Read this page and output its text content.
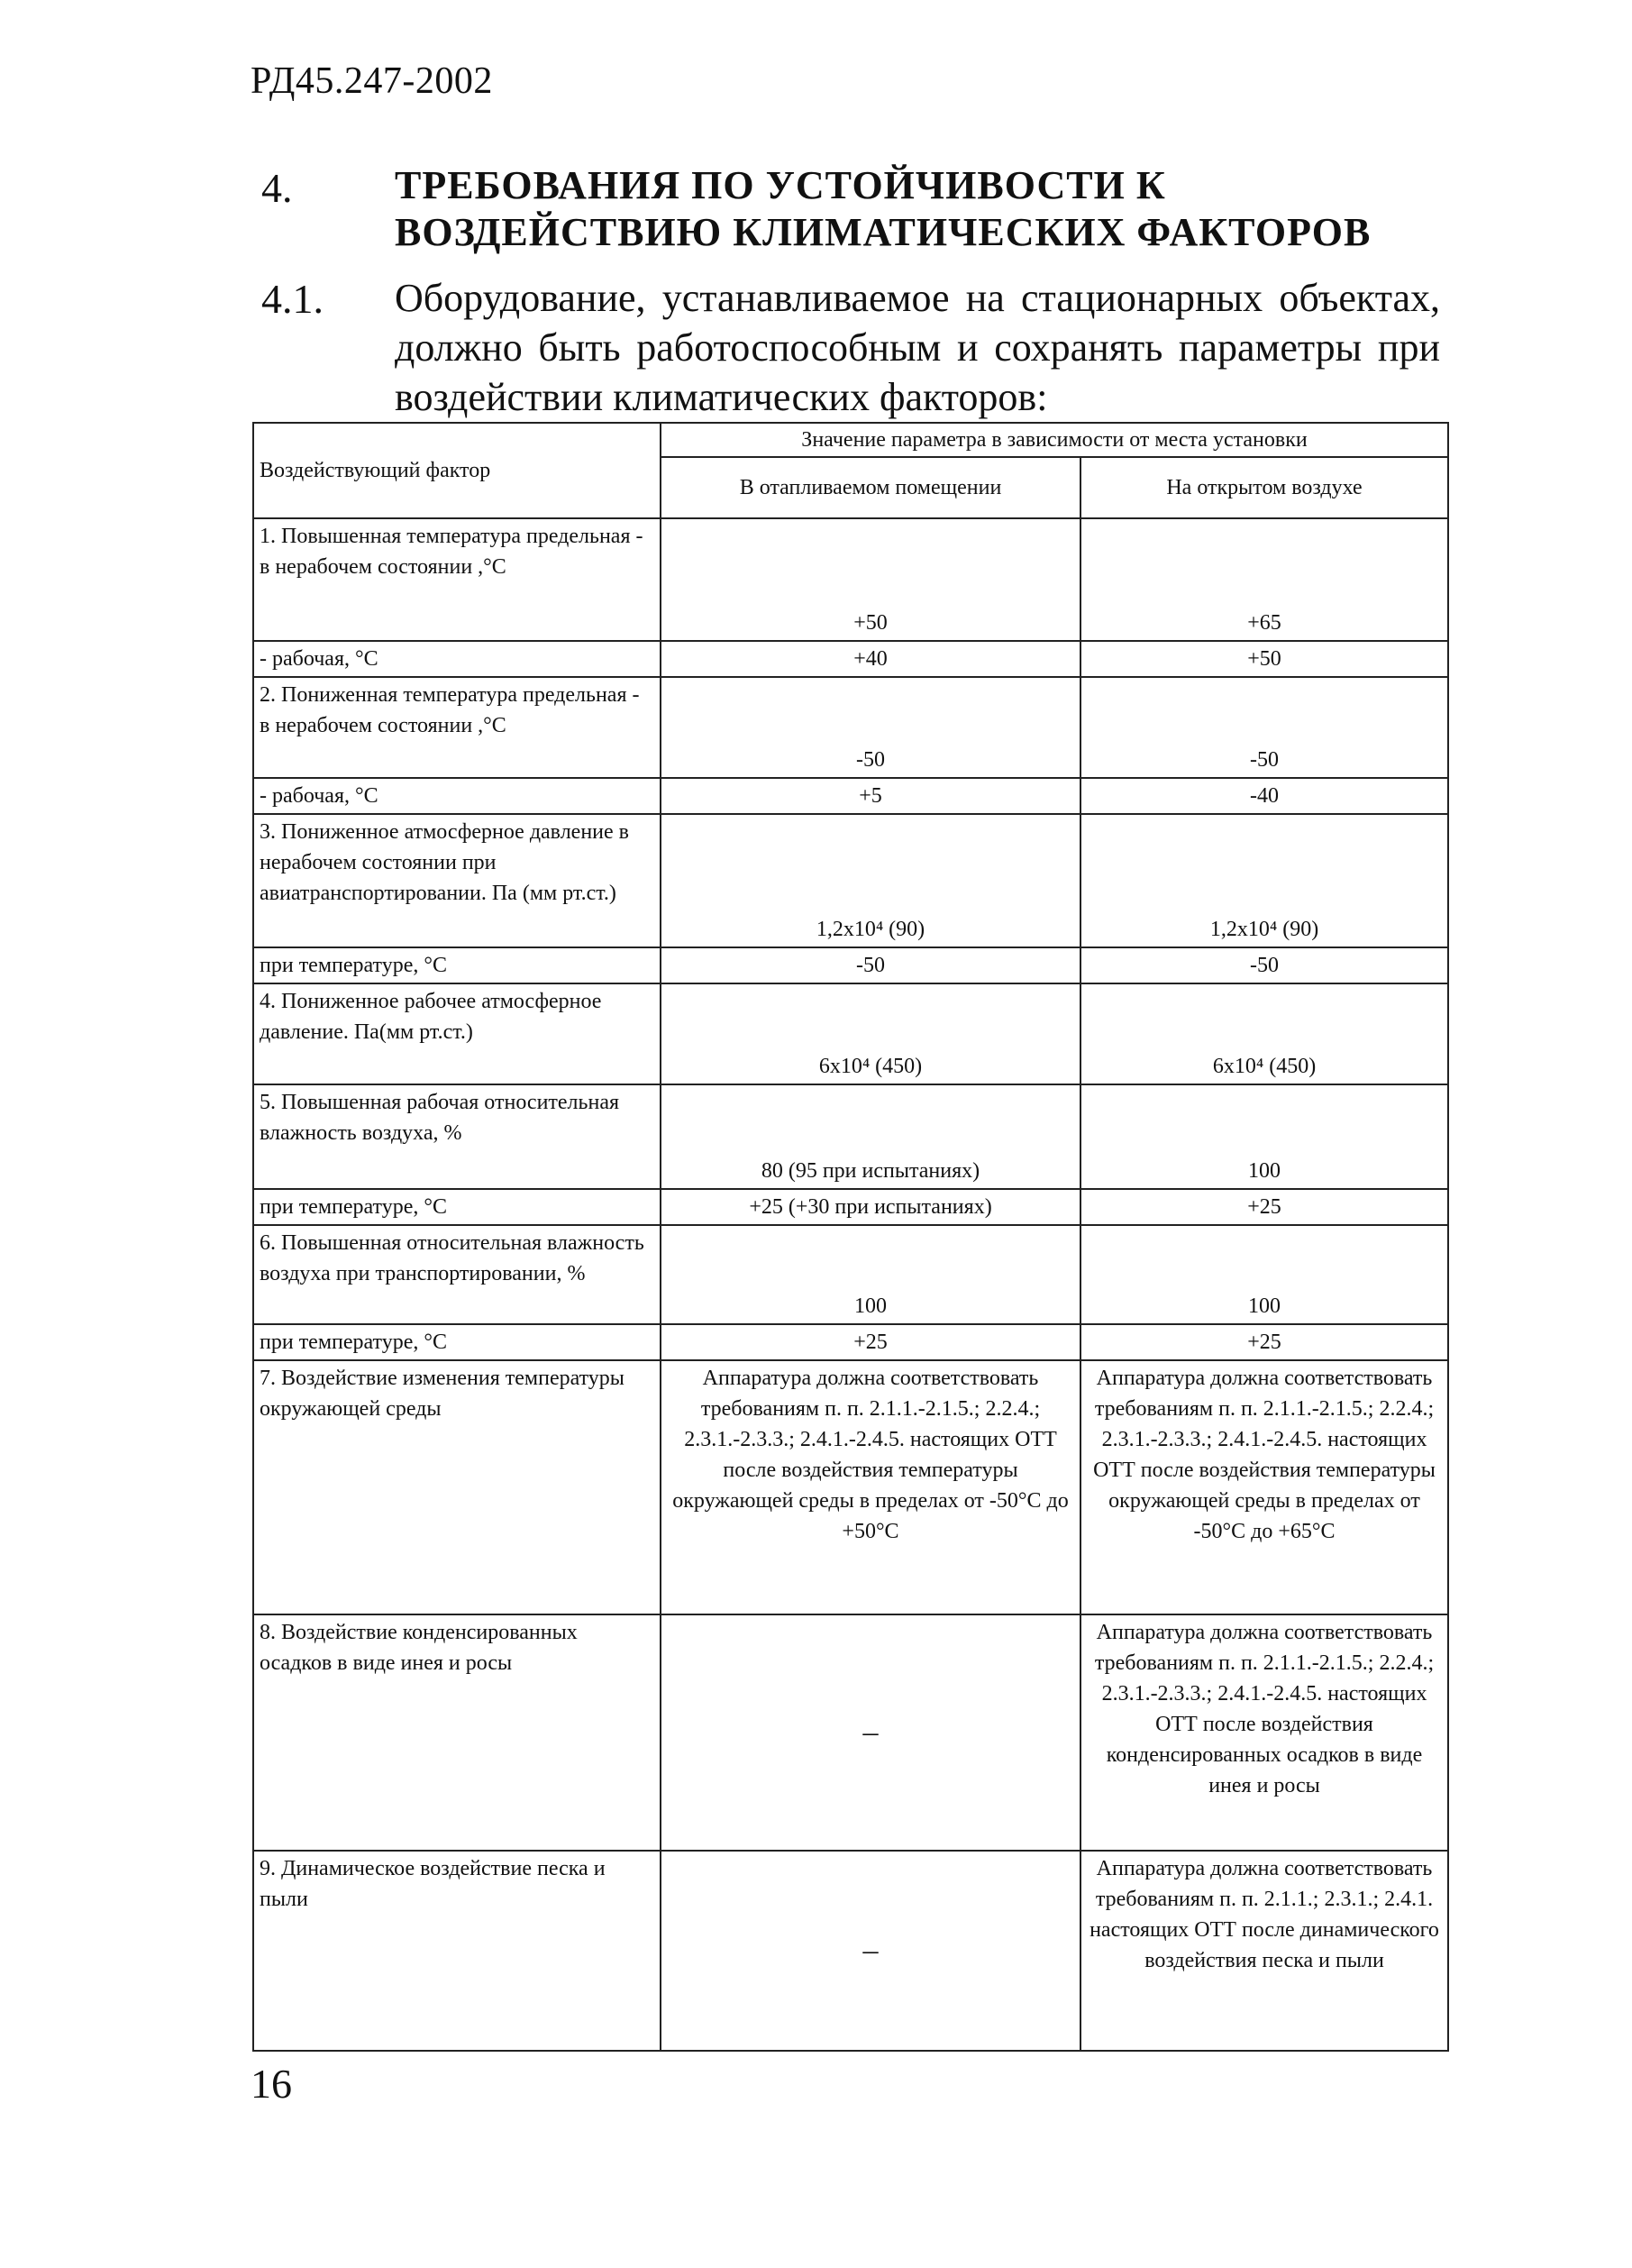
РД45.247-2002
4.	ТРЕБОВАНИЯ ПО УСТОЙЧИВОСТИ К ВОЗДЕЙСТВИЮ КЛИМАТИЧЕСКИХ ФАКТОРОВ
4.1. Оборудование, устанавливаемое на стационарных объектах, должно быть работоспособным и сохранять параметры при воздействии климатических факторов:
Воздействующий фактор	Значение параметра в зависимости от места установки	
	В отапливаемом помещении	На открытом воздухе
1. Повышенная температура предельная - в нерабочем состоянии ,°С	+50	+65
- рабочая, °С	+40	+50
2. Пониженная температура предельная - в нерабочем состоянии ,°С	-50	-50
- рабочая, °С	+5	-40
3. Пониженное атмосферное давление в нерабочем состоянии при авиатранспортировании. Па (мм рт.ст.)	1,2x10⁴ (90)	1,2x10⁴ (90)
при температуре, °С	-50	-50
4. Пониженное рабочее атмосферное давление. Па(мм рт.ст.)	6x10⁴ (450)	6x10⁴ (450)
5. Повышенная рабочая относительная влажность воздуха, %	80 (95 при испытаниях)	100
при температуре, °С	+25 (+30 при испытаниях)	+25
6. Повышенная относительная влажность воздуха при транспортировании, %	100	100
при температуре, °С	+25	+25
7. Воздействие изменения температуры окружающей среды	Аппаратура должна соответствовать требованиям п. п. 2.1.1.-2.1.5.; 2.2.4.; 2.3.1.-2.3.3.; 2.4.1.-2.4.5. настоящих ОТТ после воздействия температуры окружающей среды в пределах от -50°С до +50°С	Аппаратура должна соответствовать требованиям п. п. 2.1.1.-2.1.5.; 2.2.4.; 2.3.1.-2.3.3.; 2.4.1.-2.4.5. настоящих ОТТ после воздействия температуры окружающей среды в пределах от -50°С до +65°С
8. Воздействие конденсированных осадков в виде инея и росы	–	Аппаратура должна соответствовать требованиям п. п. 2.1.1.-2.1.5.; 2.2.4.; 2.3.1.-2.3.3.; 2.4.1.-2.4.5. настоящих ОТТ после воздействия конденсированных осадков в виде инея и росы
9. Динамическое воздействие песка и пыли	–	Аппаратура должна соответствовать требованиям п. п. 2.1.1.; 2.3.1.; 2.4.1. настоящих ОТТ после динамического воздействия песка и пыли
16
